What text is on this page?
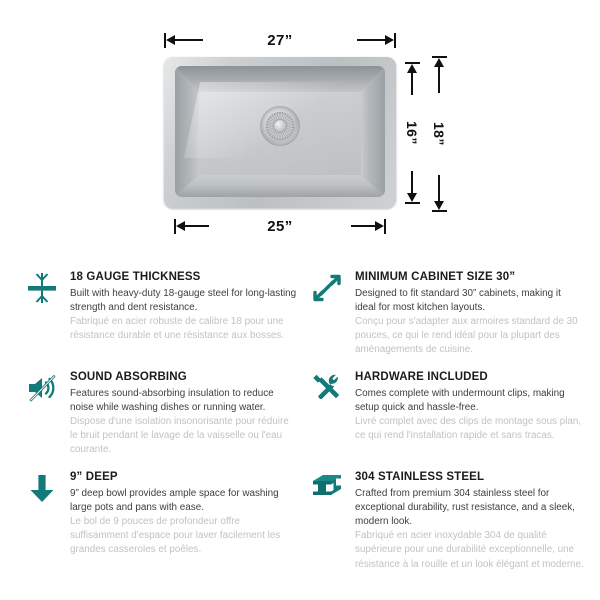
27”
16” 18”
25”

18 GAUGE THICKNESS

Built with heavy-duty 18-gauge steel for long-lasting strength and dent resistance.

Fabriqué en acier robuste de calibre 18 pour une résistance durable et une résistance aux bosses.

MINIMUM CABINET SIZE 30”

Designed to fit standard 30” cabinets, making it ideal for most kitchen layouts.

Conçu pour s'adapter aux armoires standard de 30 pouces, ce qui le rend idéal pour la plupart des aménagements de cuisine.

SOUND ABSORBING

Features sound-absorbing insulation to reduce noise while washing dishes or running water.

Dispose d'une isolation insonorisante pour réduire le bruit pendant le lavage de la vaisselle ou l'eau courante.

HARDWARE INCLUDED

Comes complete with undermount clips, making setup quick and hassle-free.

Livré complet avec des clips de montage sous plan, ce qui rend l'installation rapide et sans tracas.

9” DEEP

9” deep bowl provides ample space for washing large pots and pans with ease.

Le bol de 9 pouces de profondeur offre suffisamment d'espace pour laver facilement les grandes casseroles et poêles.

304 STAINLESS STEEL

Crafted from premium 304 stainless steel for exceptional durability, rust resistance, and a sleek, modern look.

Fabriqué en acier inoxydable 304 de qualité supérieure pour une durabilité exceptionnelle, une résistance à la rouille et un look élégant et moderne.
